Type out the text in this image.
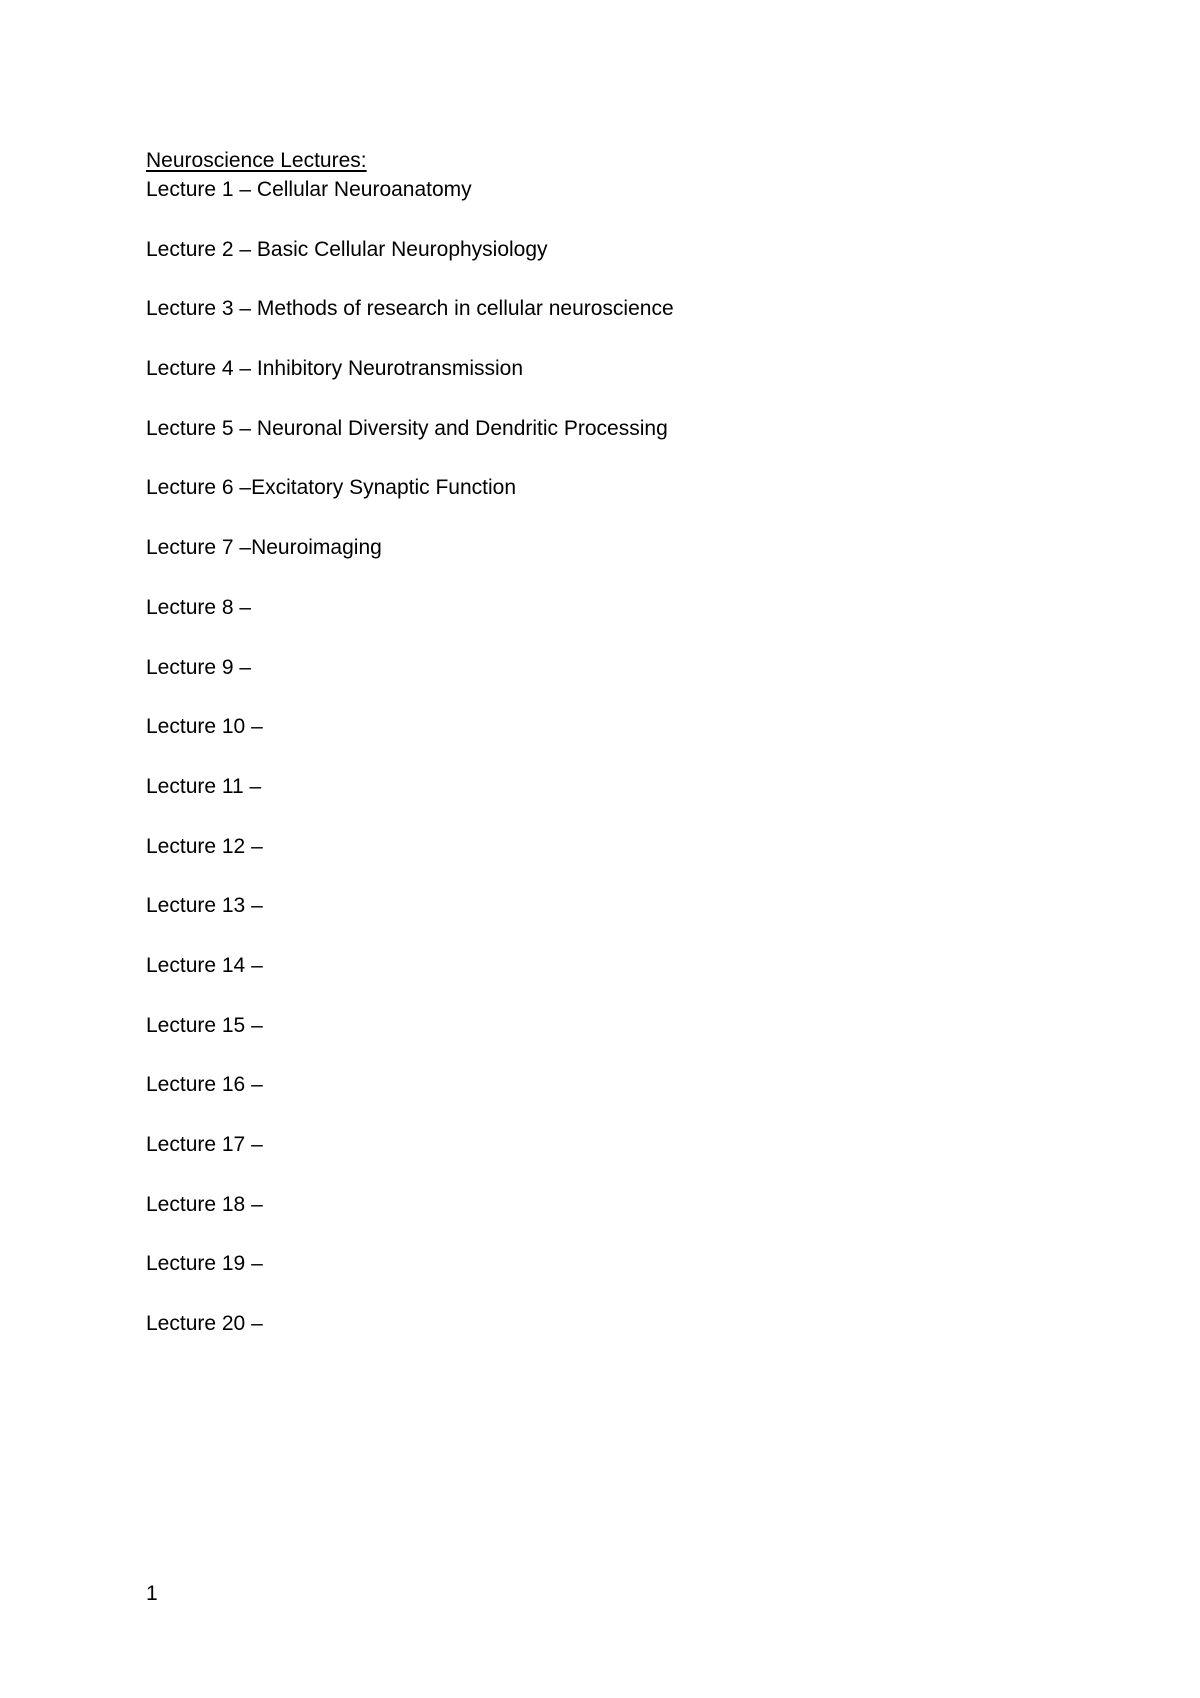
Neuroscience Lectures:
Lecture 1 – Cellular Neuroanatomy
Lecture 2 – Basic Cellular Neurophysiology
Lecture 3 – Methods of research in cellular neuroscience
Lecture 4 – Inhibitory Neurotransmission
Lecture 5 – Neuronal Diversity and Dendritic Processing
Lecture 6 –Excitatory Synaptic Function
Lecture 7 –Neuroimaging
Lecture 8 –
Lecture 9 –
Lecture 10 –
Lecture 11 –
Lecture 12 –
Lecture 13 –
Lecture 14 –
Lecture 15 –
Lecture 16 –
Lecture 17 –
Lecture 18 –
Lecture 19 –
Lecture 20 –
1
